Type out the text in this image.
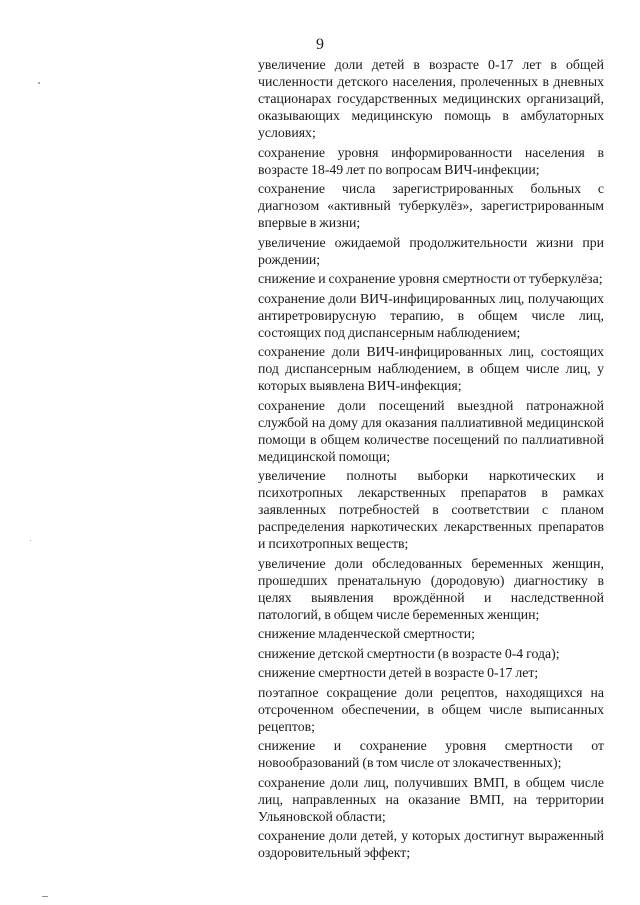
9

увеличение доли детей в возрасте 0-17 лет в общей численности детского населения, пролеченных в дневных стационарах государственных медицинских организаций, оказывающих медицинскую помощь в амбулаторных условиях;

сохранение уровня информированности населения в возрасте 18-49 лет по вопросам ВИЧ-инфекции;

сохранение числа зарегистрированных больных с диагнозом «активный туберкулёз», зарегистрированным впервые в жизни;

увеличение ожидаемой продолжительности жизни при рождении;

снижение и сохранение уровня смертности от туберкулёза;

сохранение доли ВИЧ-инфицированных лиц, получающих антиретровирусную терапию, в общем числе лиц, состоящих под диспансерным наблюдением;

сохранение доли ВИЧ-инфицированных лиц, состоящих под диспансерным наблюдением, в общем числе лиц, у которых выявлена ВИЧ-инфекция;

сохранение доли посещений выездной патронажной службой на дому для оказания паллиативной медицинской помощи в общем количестве посещений по паллиативной медицинской помощи;

увеличение полноты выборки наркотических и психотропных лекарственных препаратов в рамках заявленных потребностей в соответствии с планом распределения наркотических лекарственных препаратов и психотропных веществ;

увеличение доли обследованных беременных женщин, прошедших пренатальную (дородовую) диагностику в целях выявления врождённой и наследственной патологий, в общем числе беременных женщин;

снижение младенческой смертности;

снижение детской смертности (в возрасте 0-4 года);

снижение смертности детей в возрасте 0-17 лет;

поэтапное сокращение доли рецептов, находящихся на отсроченном обеспечении, в общем числе выписанных рецептов;

снижение и сохранение уровня смертности от новообразований (в том числе от злокачественных);

сохранение доли лиц, получивших ВМП, в общем числе лиц, направленных на оказание ВМП, на территории Ульяновской области;

сохранение доли детей, у которых достигнут выраженный оздоровительный эффект;
